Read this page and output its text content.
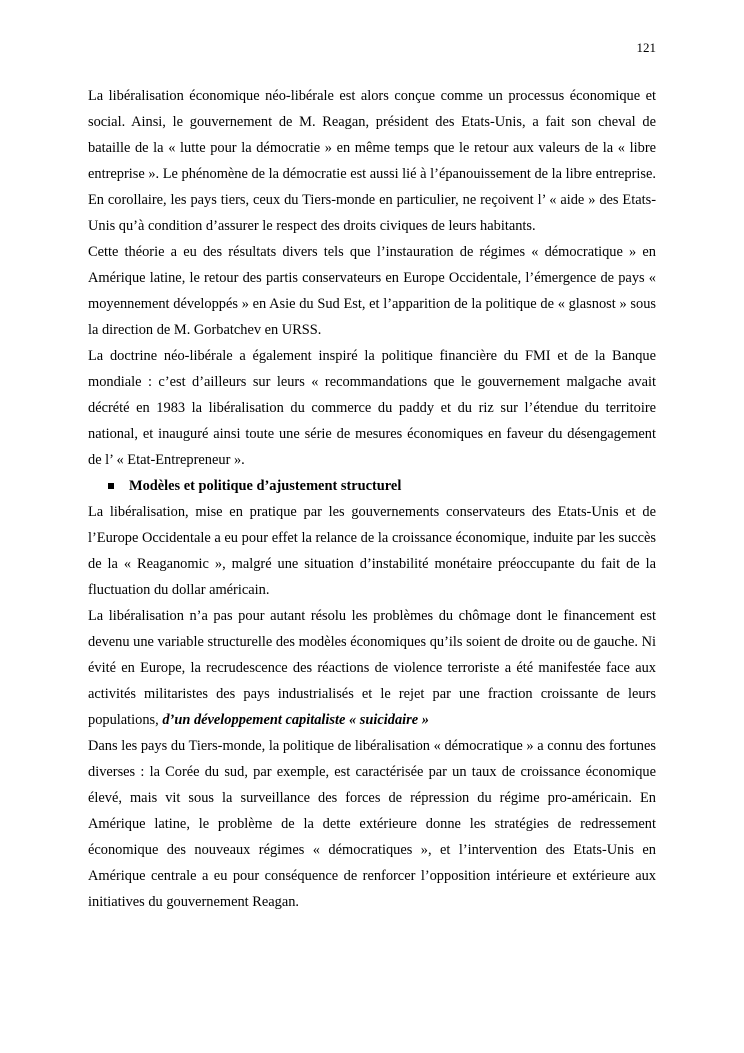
121

La libéralisation économique néo-libérale est alors conçue comme un processus économique et social. Ainsi, le gouvernement de M. Reagan, président des Etats-Unis, a fait son cheval de bataille de la « lutte pour la démocratie » en même temps que le retour aux valeurs de la « libre entreprise ». Le phénomène de la démocratie est aussi lié à l’épanouissement de la libre entreprise. En corollaire, les pays tiers, ceux du Tiers-monde en particulier, ne reçoivent l’ « aide » des Etats-Unis qu’à condition d’assurer le respect des droits civiques de leurs habitants.

Cette théorie a eu des résultats divers tels que l’instauration de régimes « démocratique » en Amérique latine, le retour des partis conservateurs en Europe Occidentale, l’émergence de pays « moyennement développés » en Asie du Sud Est, et l’apparition de la politique de « glasnost » sous la direction de M. Gorbatchev en URSS.

La doctrine néo-libérale a également inspiré la politique financière du FMI et de la Banque mondiale : c’est d’ailleurs sur leurs « recommandations que le gouvernement malgache avait décrété en 1983 la libéralisation du commerce du paddy et du riz sur l’étendue du territoire national, et inauguré ainsi toute une série de mesures économiques en faveur du désengagement de l’ « Etat-Entrepreneur ».

Modèles et politique d’ajustement structurel

La libéralisation, mise en pratique par les gouvernements conservateurs des Etats-Unis et de l’Europe Occidentale a eu pour effet la relance de la croissance économique, induite par les succès de la « Reaganomic », malgré une situation d’instabilité monétaire préoccupante du fait de la fluctuation du dollar américain.

La libéralisation n’a pas pour autant résolu les problèmes du chômage dont le financement est devenu une variable structurelle des modèles économiques qu’ils soient de droite ou de gauche. Ni évité en Europe, la recrudescence des réactions de violence terroriste a été manifestée face aux activités militaristes des pays industrialisés et le rejet par une fraction croissante de leurs populations, d’un développement capitaliste « suicidaire »

Dans les pays du Tiers-monde, la politique de libéralisation « démocratique » a connu des fortunes diverses : la Corée du sud, par exemple, est caractérisée par un taux de croissance économique élevé, mais vit sous la surveillance des forces de répression du régime pro-américain. En Amérique latine, le problème de la dette extérieure donne les stratégies de redressement économique des nouveaux régimes « démocratiques », et l’intervention des Etats-Unis en Amérique centrale a eu pour conséquence de renforcer l’opposition intérieure et extérieure aux initiatives du gouvernement Reagan.
